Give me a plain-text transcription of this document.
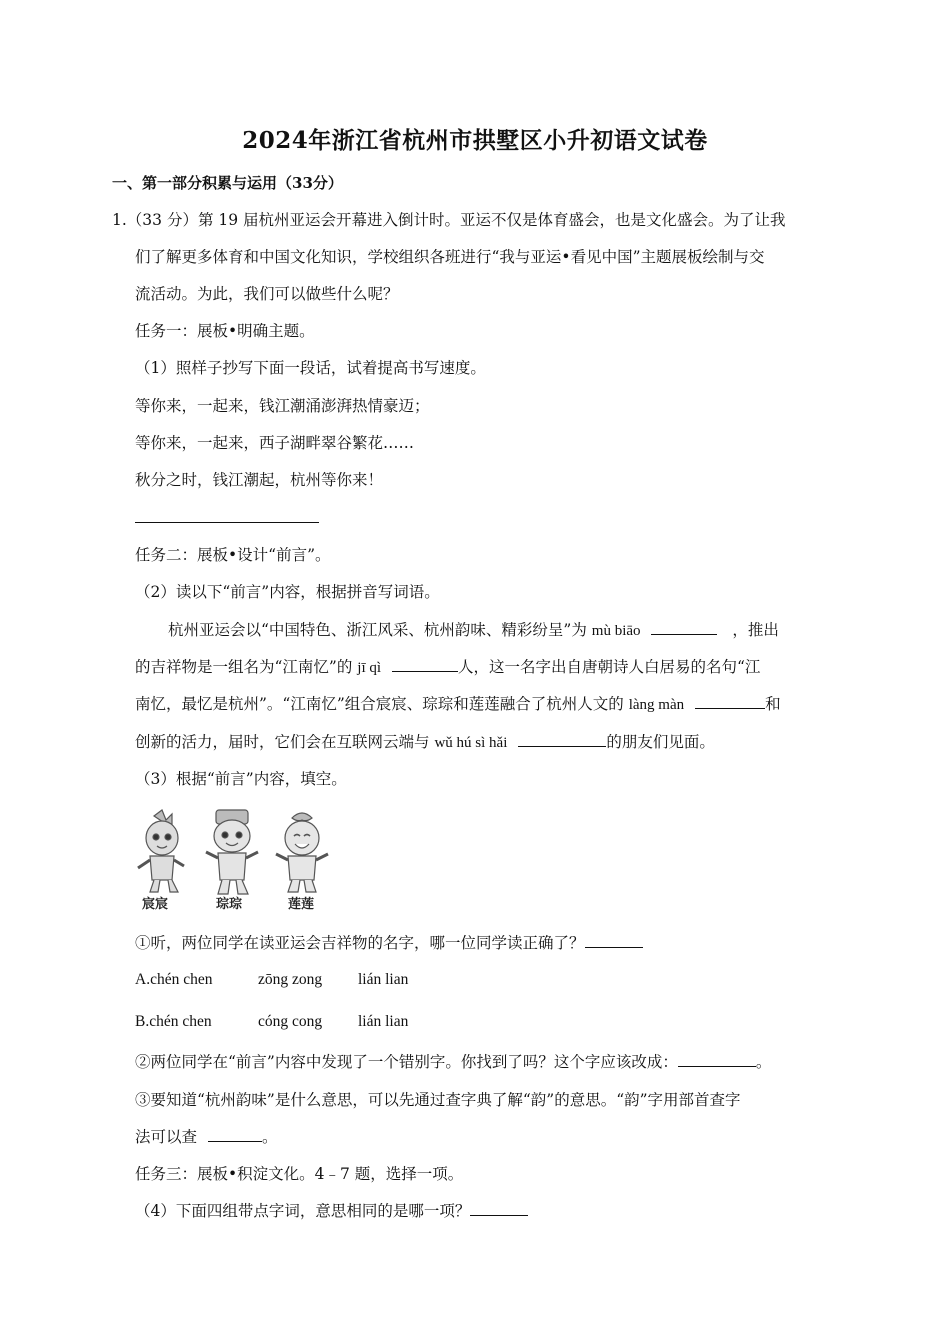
2024年浙江省杭州市拱墅区小升初语文试卷
一、第一部分积累与运用（33分）
1.（33 分）第 19 届杭州亚运会开幕进入倒计时。亚运不仅是体育盛会，也是文化盛会。为了让我
们了解更多体育和中国文化知识，学校组织各班进行“我与亚运•看见中国”主题展板绘制与交
流活动。为此，我们可以做些什么呢？
任务一：展板•明确主题。
（1）照样子抄写下面一段话，试着提高书写速度。
等你来，一起来，钱江潮涌澎湃热情豪迈；
等你来，一起来，西子湖畔翠谷繁花……
秋分之时，钱江潮起，杭州等你来！
任务二：展板•设计“前言”。
（2）读以下“前言”内容，根据拼音写词语。
杭州亚运会以“中国特色、浙江风采、杭州韵味、精彩纷呈”为 mù biāo	，推出
的吉祥物是一组名为“江南忆”的 jī qì	人，这一名字出自唐朝诗人白居易的名句“江
南忆，最忆是杭州”。“江南忆”组合宸宸、琮琮和莲莲融合了杭州人文的 làng màn	和
创新的活力，届时，它们会在互联网云端与 wǔ hú sì hǎi	的朋友们见面。
（3）根据“前言”内容，填空。
宸宸	琮琮	莲莲
①听，两位同学在读亚运会吉祥物的名字，哪一位同学读正确了？
A.chén chen	zōng zong lián lian
B.chén chen	cóng cong lián lian
②两位同学在“前言”内容中发现了一个错别字。你找到了吗？这个字应该改成：	。
③要知道“杭州韵味”是什么意思，可以先通过查字典了解“韵”的意思。“韵”字用部首查字
法可以查	。
任务三：展板•积淀文化。4﹣7 题，选择一项。
（4）下面四组带点字词，意思相同的是哪一项？
